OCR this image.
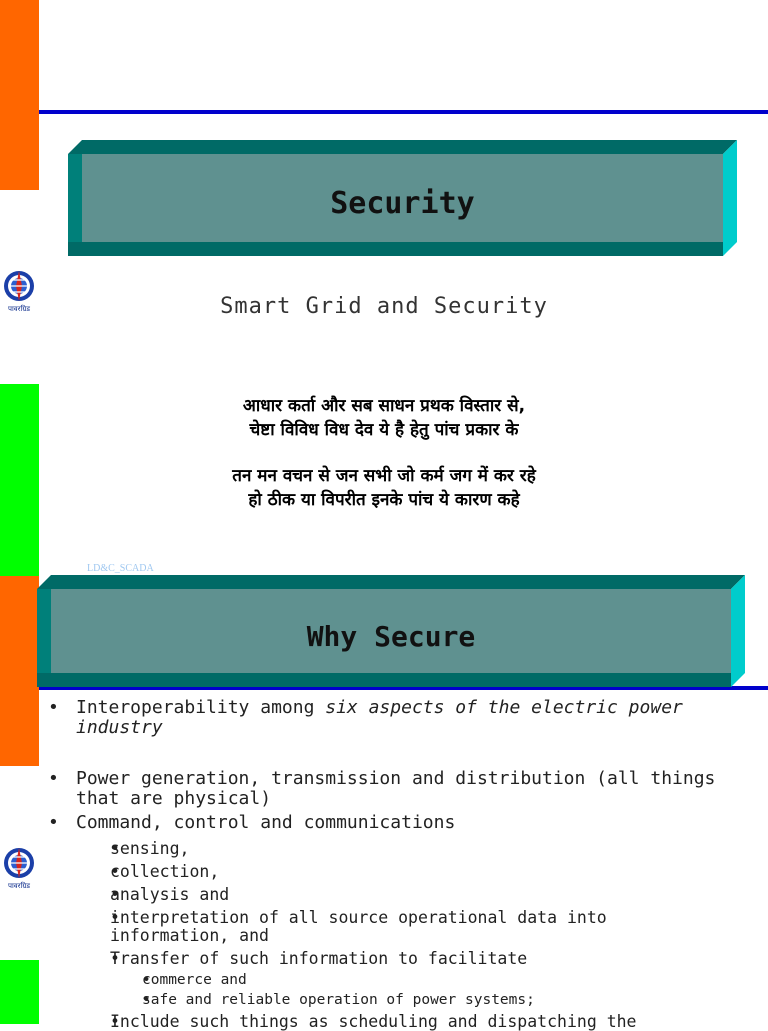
Security
पावरग्रिड	Smart Grid and Security
आधार कर्ता और सब साधन प्रथक विस्तार से,
चेष्टा विविध विध देव ये है हेतु पांच प्रकार के
तन मन वचन से जन सभी जो कर्म जग में कर रहे
हो ठीक या विपरीत इनके पांच ये कारण कहे
LD&C_SCADA
Why Secure
पावरग्रिड
• Interoperability among six aspects of the electric power industry
• Power generation, transmission and distribution (all things that are physical)
• Command, control and communications
• sensing,
• collection,
• analysis and
• interpretation of all source operational data into information, and
• Transfer of such information to facilitate
• commerce and
• safe and reliable operation of power systems;
• Include such things as scheduling and dispatching the
